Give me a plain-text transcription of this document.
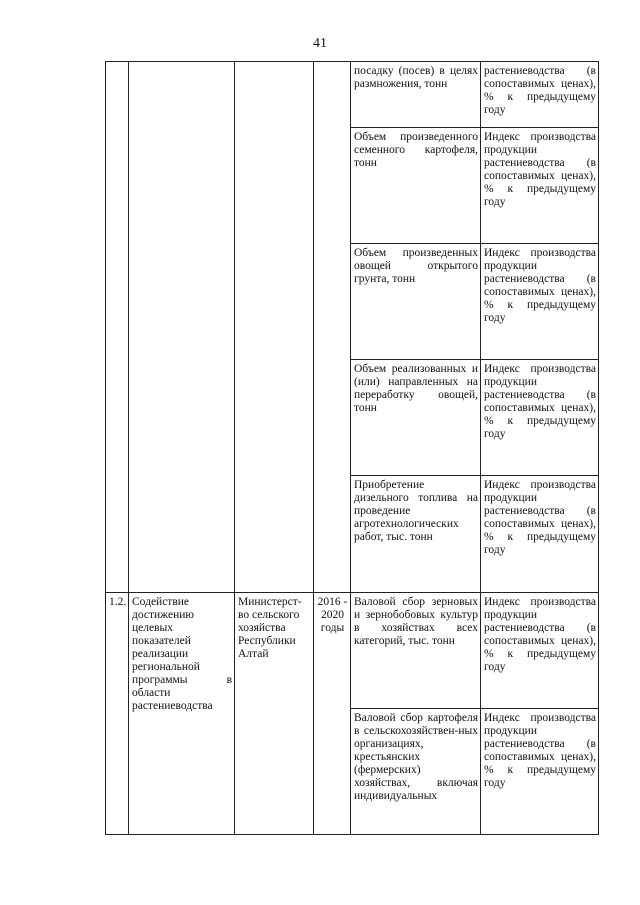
41
				посадку (посев) в целях размножения, тонн	растениеводства (в сопоставимых ценах), % к предыдущему году
				Объем произведенного семенного картофеля, тонн	Индекс производства продукции растениеводства (в сопоставимых ценах), % к предыдущему году
				Объем произведенных овощей открытого грунта, тонн	Индекс производства продукции растениеводства (в сопоставимых ценах), % к предыдущему году
				Объем реализованных и (или) направленных на переработку овощей, тонн	Индекс производства продукции растениеводства (в сопоставимых ценах), % к предыдущему году
				Приобретение дизельного топлива на проведение агротехнологических работ, тыс. тонн	Индекс производства продукции растениеводства (в сопоставимых ценах), % к предыдущему году
1.2.	Содействие достижению целевых показателей реализации региональной программы в области растениеводства	Министерст-во сельского хозяйства Республики Алтай	2016 - 2020 годы	Валовой сбор зерновых и зернобобовых культур в хозяйствах всех категорий, тыс. тонн	Индекс производства продукции растениеводства (в сопоставимых ценах), % к предыдущему году
				Валовой сбор картофеля в сельскохозяйствен-ных организациях, крестьянских (фермерских) хозяйствах, включая индивидуальных	Индекс производства продукции растениеводства (в сопоставимых ценах), % к предыдущему году
